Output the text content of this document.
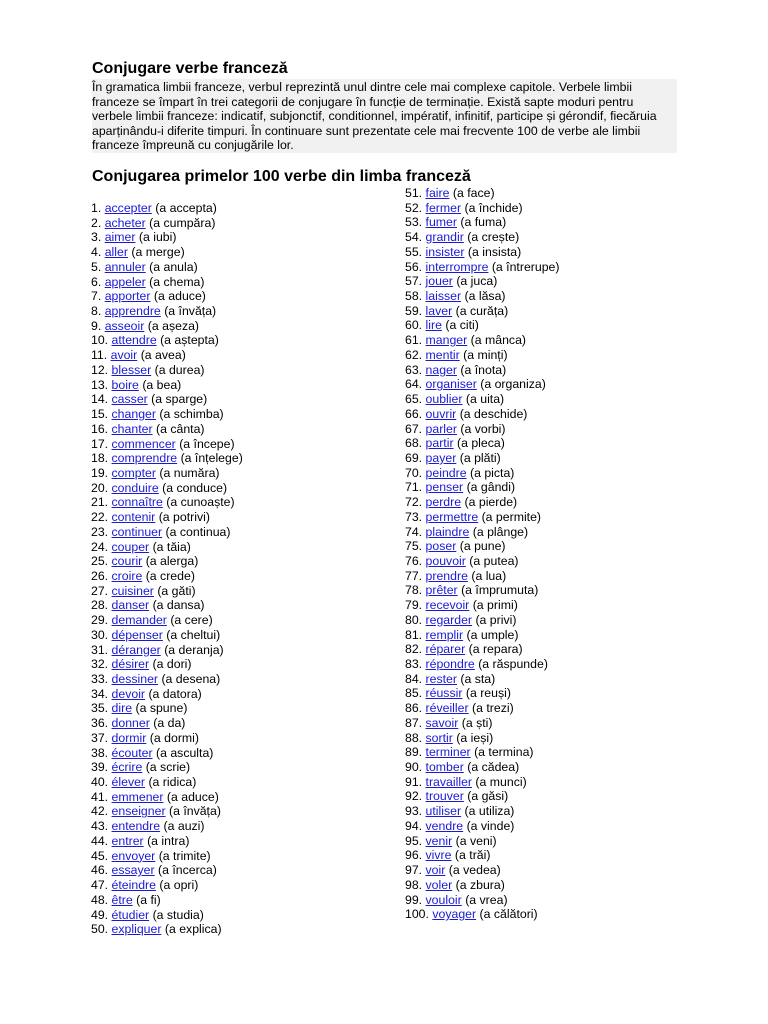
Conjugare verbe franceză

În gramatica limbii franceze, verbul reprezintă unul dintre cele mai complexe capitole. Verbele limbii franceze se împart în trei categorii de conjugare în funcție de terminație. Există sapte moduri pentru verbele limbii franceze: indicatif, subjonctif, conditionnel, impératif, infinitif, participe și gérondif, fiecăruia aparținându-i diferite timpuri. În continuare sunt prezentate cele mai frecvente 100 de verbe ale limbii franceze împreună cu conjugările lor.

Conjugarea primelor 100 verbe din limba franceză
1. accepter (a accepta)
2. acheter (a cumpăra)
3. aimer (a iubi)
4. aller (a merge)
5. annuler (a anula)
6. appeler (a chema)
7. apporter (a aduce)
8. apprendre (a învăța)
9. asseoir (a așeza)
10. attendre (a aștepta)
11. avoir (a avea)
12. blesser (a durea)
13. boire (a bea)
14. casser (a sparge)
15. changer (a schimba)
16. chanter (a cânta)
17. commencer (a începe)
18. comprendre (a înțelege)
19. compter (a număra)
20. conduire (a conduce)
21. connaître (a cunoaște)
22. contenir (a potrivi)
23. continuer (a continua)
24. couper (a tăia)
25. courir (a alerga)
26. croire (a crede)
27. cuisiner (a găti)
28. danser (a dansa)
29. demander (a cere)
30. dépenser (a cheltui)
31. déranger (a deranja)
32. désirer (a dori)
33. dessiner (a desena)
34. devoir (a datora)
35. dire (a spune)
36. donner (a da)
37. dormir (a dormi)
38. écouter (a asculta)
39. écrire (a scrie)
40. élever (a ridica)
41. emmener (a aduce)
42. enseigner (a învăța)
43. entendre (a auzi)
44. entrer (a intra)
45. envoyer (a trimite)
46. essayer (a încerca)
47. éteindre (a opri)
48. être (a fi)
49. étudier (a studia)
50. expliquer (a explica)
51. faire (a face)
52. fermer (a închide)
53. fumer (a fuma)
54. grandir (a crește)
55. insister (a insista)
56. interrompre (a întrerupe)
57. jouer (a juca)
58. laisser (a lăsa)
59. laver (a curăța)
60. lire (a citi)
61. manger (a mânca)
62. mentir (a minți)
63. nager (a înota)
64. organiser (a organiza)
65. oublier (a uita)
66. ouvrir (a deschide)
67. parler (a vorbi)
68. partir (a pleca)
69. payer (a plăti)
70. peindre (a picta)
71. penser (a gândi)
72. perdre (a pierde)
73. permettre (a permite)
74. plaindre (a plânge)
75. poser (a pune)
76. pouvoir (a putea)
77. prendre (a lua)
78. prêter (a împrumuta)
79. recevoir (a primi)
80. regarder (a privi)
81. remplir (a umple)
82. réparer (a repara)
83. répondre (a răspunde)
84. rester (a sta)
85. réussir (a reuși)
86. réveiller (a trezi)
87. savoir (a ști)
88. sortir (a ieși)
89. terminer (a termina)
90. tomber (a cădea)
91. travailler (a munci)
92. trouver (a găsi)
93. utiliser (a utiliza)
94. vendre (a vinde)
95. venir (a veni)
96. vivre (a trăi)
97. voir (a vedea)
98. voler (a zbura)
99. vouloir (a vrea)
100. voyager (a călători)
